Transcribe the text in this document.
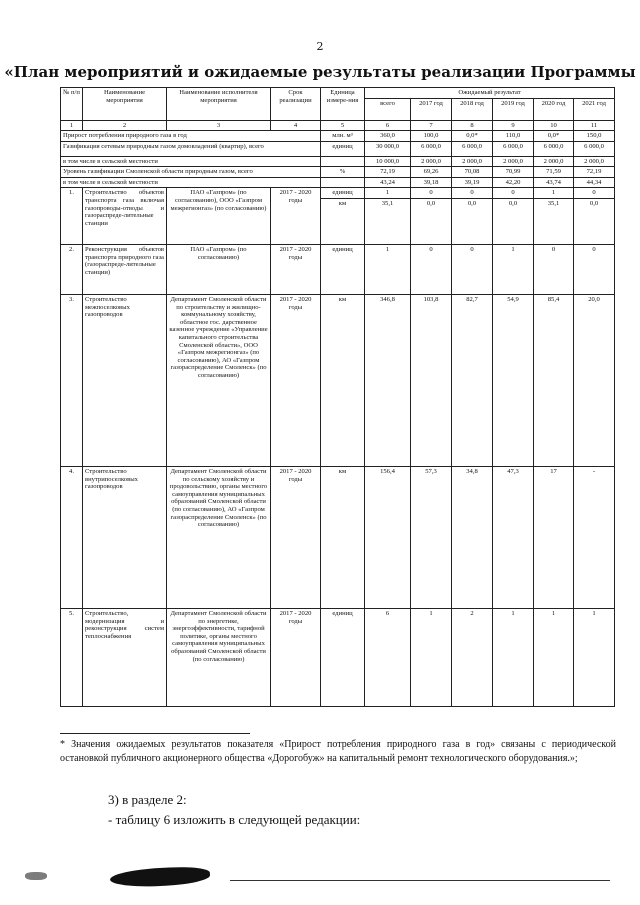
2
«План мероприятий и ожидаемые результаты реализации Программы
№ п/п	Наименование мероприятия	Наименование исполнителя мероприятия	Срок реализации	Единица измере-ния	Ожидаемый результат					
					всего	2017 год	2018 год	2019 год	2020 год	2021 год
1	2	3	4	5	6	7	8	9	10	11
Прирост потребления природного газа в год				млн. м³	360,0	100,0	0,0*	110,0	0,0*	150,0
Газификация сетевым природным газом домовладений (квартир), всего				единиц	30 000,0	6 000,0	6 000,0	6 000,0	6 000,0	6 000,0
в том числе в сельской местности					10 000,0	2 000,0	2 000,0	2 000,0	2 000,0	2 000,0
Уровень газификации Смоленской области природным газом, всего				%	72,19	69,26	70,08	70,99	71,59	72,19
в том числе в сельской местности					43,24	39,18	39,19	42,20	43,74	44,34
1.	Строительство объектов транспорта газа включая газопроводы-отводы и газораспреде-лительные станции	ПАО «Газпром» (по согласованию), ООО «Газпром межрегионгаз» (по согласованию)	2017 - 2020 годы	единиц	1	0	0	0	1	0
				км	35,1	0,0	0,0	0,0	35,1	0,0
2.	Реконструкция объектов транспорта природного газа (газораспреде-лительные станции)	ПАО «Газпром» (по согласованию)	2017 - 2020 годы	единиц	1	0	0	1	0	0
3.	Строительство межпоселковых газопроводов	Департамент Смоленской области по строительству и жилищно-коммунальному хозяйству, областное гос. дарственное казенное учреждение «Управление капитального строительства Смоленской области», ООО «Газпром межрегионгаз» (по согласованию), АО «Газпром газораспределение Смоленск» (по согласованию)	2017 - 2020 годы	км	346,8	103,8	82,7	54,9	85,4	20,0
4.	Строительство внутрипоселковых газопроводов	Департамент Смоленской области по сельскому хозяйству и продовольствию, органы местного самоуправления муниципальных образований Смоленской области (по согласованию), АО «Газпром газораспределение Смоленск» (по согласованию)	2017 - 2020 годы	км	156,4	57,3	34,8	47,3	17	-
5.	Строительство, модернизация и реконструкция систем теплоснабжения	Департамент Смоленской области по энергетике, энергоэффективности, тарифной политике, органы местного самоуправления муниципальных образований Смоленской области (по согласованию)	2017 - 2020 годы	единиц	6	1	2	1	1	1
* Значения ожидаемых результатов показателя «Прирост потребления природного газа в год» связаны с периодической остановкой публичного акционерного общества «Дорогобуж» на капитальный ремонт технологического оборудования.»;
3) в разделе 2:
- таблицу 6 изложить в следующей редакции:
